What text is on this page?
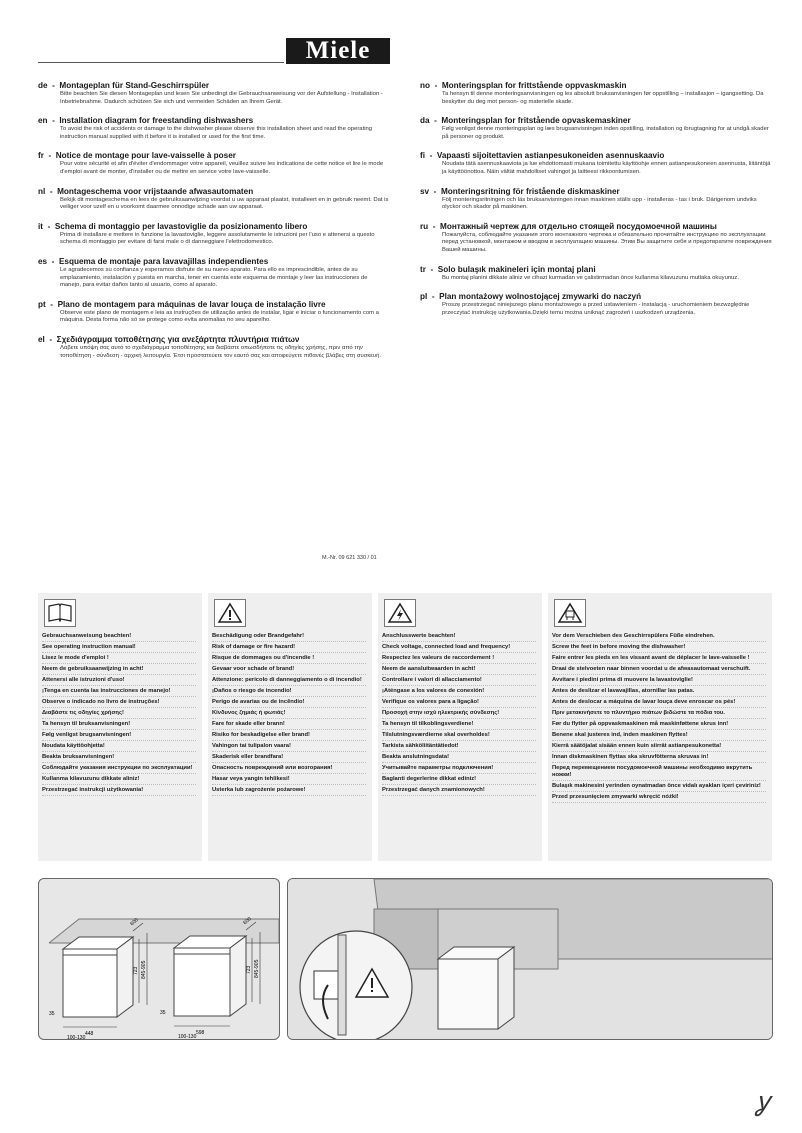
Miele
de  -  Montageplan für Stand-Geschirrspüler
Bitte beachten Sie diesen Montageplan und lesen Sie unbedingt die Gebrauchsanweisung vor der Aufstellung - Installation - Inbetriebnahme. Dadurch schützen Sie sich und vermeiden Schäden an Ihrem Gerät.
en  -  Installation diagram for freestanding dishwashers
To avoid the risk of accidents or damage to the dishwasher please observe this installation sheet and read the operating instruction manual supplied with it before it is installed or used for the first time.
fr  -  Notice de montage pour lave-vaisselle à poser
Pour votre sécurité et afin d'éviter d'endommager votre appareil, veuillez suivre les indications de cette notice et lire le mode d'emploi avant de monter, d'installer ou de mettre en service votre lave-vaisselle.
nl  -  Montageschema voor vrijstaande afwasautomaten
Bekijk dit montageschema en lees de gebruiksaanwijzing voordat u uw apparaat plaatst, installeert en in gebruik neemt. Dat is veiliger voor uzelf en u voorkomt daarmee onnodige schade aan uw apparaat.
it  -  Schema di montaggio per lavastoviglie da posizionamento libero
Prima di installare e mettere in funzione la lavastoviglie, leggere assolutamente le istruzioni per l'uso e attenersi a questo schema di montaggio per evitare di farsi male o di danneggiare l'elettrodomestico.
es  -  Esquema de montaje para lavavajillas independientes
Le agradecemos su confianza y esperamos disfrute de su nuevo aparato. Para ello es imprescindible, antes de su emplazamiento, instalación y puesta en marcha, tener en cuenta este esquema de montaje y leer las instrucciones de manejo, para evitar daños tanto al usuario, como al aparato.
pt  -  Plano de montagem para máquinas de lavar louça de instalação livre
Observe este plano de montagem e leia as instruções de utilização antes de instalar, ligar e iniciar o funcionamento com a máquina. Desta forma não só se protege como evita anomalias no seu aparelho.
el  -  Σχεδιάγραμμα τοποθέτησης για ανεξάρτητα πλυντήρια πιάτων
Λάβετε υπόψη σας αυτό το σχεδιάγραμμα τοποθέτησης και διαβάστε οπωσδήποτε τις οδηγίες χρήσης, πριν από την τοποθέτηση - σύνδεση - αρχική λειτουργία. Έτσι προστατεύετε τον εαυτό σας και αποφεύγετε πιθανές βλάβες στη συσκευή.
no  -  Monteringsplan for frittstående oppvaskmaskin
Ta hensyn til denne monteringsanvisningen og les absolutt bruksanvisningen før oppstilling – installasjon – igangsetting. Da beskytter du deg mot person- og materielle skade.
da  -  Monteringsplan for fritstående opvaskemaskiner
Følg venligst denne monteringsplan og læs brugsanvisningen inden opstilling, installation og ibrugtagning for at undgå skader på personer og produkt.
fi  -  Vapaasti sijoitettavien astianpesukoneiden asennuskaavio
Noudata tätä asennuskaaviota ja lue ehdottomasti mukana toimitettu käyttöohje ennen astianpesukoneen asennusta, liitäntöjä ja käyttöönottoa. Näin vältät mahdolliset vahingot ja laitteesi rikkoontumisen.
sv  -  Monteringsritning för fristående diskmaskiner
Följ monteringsritningen och läs bruksanvisningen innan maskinen ställs upp - installeras - tas i bruk. Därigenom undviks olyckor och skador på maskinen.
ru  -  Монтажный чертеж для отдельно стоящей посудомоечной машины
Пожалуйста, соблюдайте указания этого монтажного чертежа и обязательно прочитайте инструкцию по эксплуатации перед установкой, монтажом и вводом в эксплуатацию машины. Этим Вы защитите себя и предотвратите повреждения Вашей машины.
tr  -  Solo bulaşık makineleri için montaj plani
Bu montaj planini dikkate aliniz ve cihazi kurmadan ve çalistirmadan önce kullanma kilavuzunu mutlaka okuyunuz.
pl  -  Plan montażowy wolnostojącej zmywarki do naczyń
Proszę przestrzegać niniejszego planu montażowego a przed ustawieniem - instalacją - uruchomieniem bezwzględnie przeczytać instrukcję użytkowania.Dzięki temu można uniknąć zagrożeń i uszkodzeń urządzenia.
M.-Nr. 09 621 330 / 01
Gebrauchsanweisung beachten!
See operating instruction manual!
Lisez le mode d'emploi !
Neem de gebruiksaanwijzing in acht!
Attenersi alle istruzioni d'uso!
¡Tenga en cuenta las instrucciones de manejo!
Observe o indicado no livro de instruções!
Διαβάστε τις οδηγίες χρήσης!
Ta hensyn til bruksanvisningen!
Følg venligst brugsanvisningen!
Noudata käyttöohjetta!
Beakta bruksanvisningen!
Соблюдайте указания инструкции по эксплуатации!
Kullanma kilavuzunu dikkate aliniz!
Przestrzegać instrukcji użytkowania!
Beschädigung oder Brandgefahr!
Risk of damage or fire hazard!
Risque de dommages ou d'incendie !
Gevaar voor schade of brand!
Attenzione: pericolo di danneggiamento o di incendio!
¡Daños o riesgo de incendio!
Perigo de avarias ou de incêndio!
Κίνδυνος ζημιάς ή φωτιάς!
Fare for skade eller brann!
Risiko for beskadigelse eller brand!
Vahingon tai tulipalon vaara!
Skaderisk eller brandfara!
Опасность повреждений или возгорания!
Hasar veya yangin tehlikesi!
Usterka lub zagrożenie pożarowe!
Anschlusswerte beachten!
Check voltage, connected load and frequency!
Respectez les valeurs de raccordement !
Neem de aansluitwaarden in acht!
Controllare i valori di allacciamento!
¡Aténgase a los valores de conexión!
Verifique os valores para a ligação!
Προσοχή στην ισχύ ηλεκτρικής σύνδεσης!
Ta hensyn til tilkoblingsverdiene!
Tilslutningsværdierne skal overholdes!
Tarkista sähköliitäntätiedot!
Beakta anslutningsdata!
Учитывайте параметры подключения!
Baglanti degerlerine dikkat ediniz!
Przestrzegać danych znamionowych!
Vor dem Verschieben des Geschirrspülers Füße eindrehen.
Screw the feet in before moving the dishwasher!
Faire entrer les pieds en les vissant avant de déplacer le lave-vaisselle !
Draai de stelvoeten naar binnen voordat u de afwasautomaat verschuift.
Avvitare i piedini prima di muovere la lavastoviglie!
Antes de deslizar el lavavajillas, atornillar las patas.
Antes de deslocar a máquina de lavar louça deve enroscar os pés!
Πριν μετακινήσετε το πλυντήριο πιάτων βιδώστε τα πόδια του.
Før du flytter på oppvaskmaskinen må maskinføttene skrus inn!
Benene skal justeres ind, inden maskinen flyttes!
Kierrä säätöjalat sisään ennen kuin siirrät astianpesukonetta!
Innan diskmaskinen flyttas ska skruvfötterna skruvas in!
Перед перемещением посудомоечной машины необходимо вкрутить ножки!
Bulaşık makinesini yerinden oynatmadan önce vidalı ayakları içeri çeviriniz!
Przed przesunięciem zmywarki wkręcić nóżki!
600
723 845-905
448
35
100-130
600
723 845-905
598
35
100-130
ỿ
